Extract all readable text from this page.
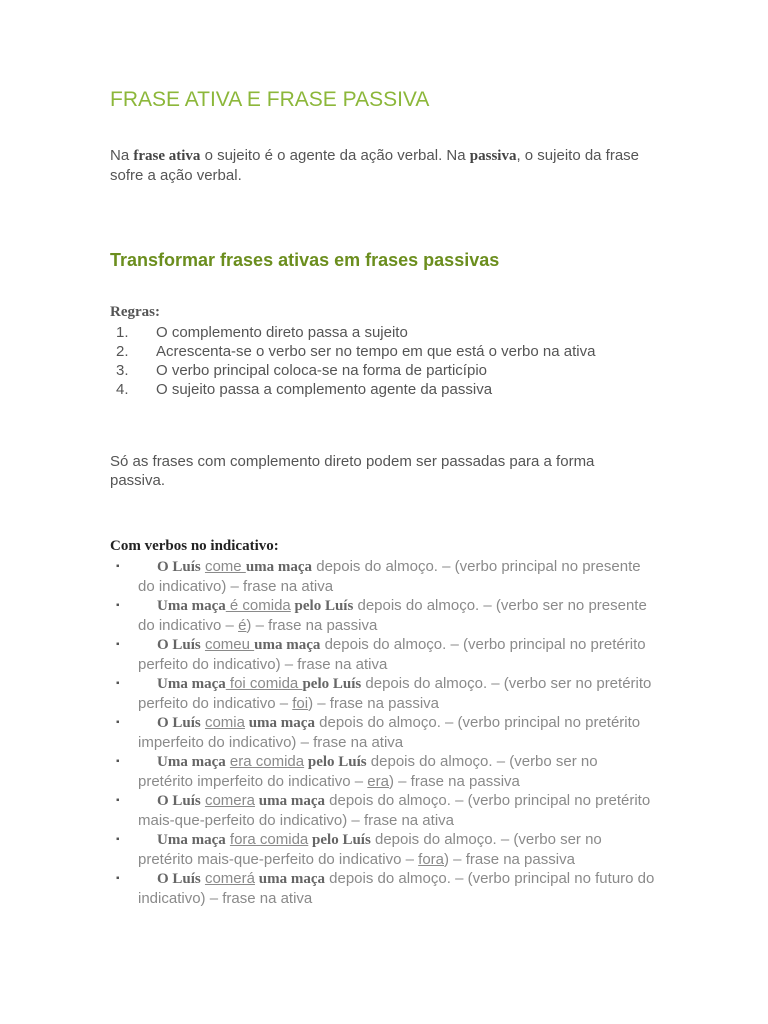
FRASE ATIVA E FRASE PASSIVA

Na frase ativa o sujeito é o agente da ação verbal. Na passiva, o sujeito da frase sofre a ação verbal.

Transformar frases ativas em frases passivas

Regras:

1. O complemento direto passa a sujeito
2. Acrescenta-se o verbo ser no tempo em que está o verbo na ativa
3. O verbo principal coloca-se na forma de particípio
4. O sujeito passa a complemento agente da passiva

Só as frases com complemento direto podem ser passadas para a forma passiva.

Com verbos no indicativo:

▪	O Luís come uma maça depois do almoço. – (verbo principal no presente do indicativo) – frase na ativa
▪	Uma maça é comida pelo Luís depois do almoço. – (verbo ser no presente do indicativo – é) – frase na passiva
▪	O Luís comeu uma maça depois do almoço. – (verbo principal no pretérito perfeito do indicativo) – frase na ativa
▪	Uma maça foi comida pelo Luís depois do almoço. – (verbo ser no pretérito perfeito do indicativo – foi) – frase na passiva
▪	O Luís comia uma maça depois do almoço. – (verbo principal no pretérito imperfeito do indicativo) – frase na ativa
▪	Uma maça era comida pelo Luís depois do almoço. – (verbo ser no pretérito imperfeito do indicativo – era) – frase na passiva
▪	O Luís comera uma maça depois do almoço. – (verbo principal no pretérito mais-que-perfeito do indicativo) – frase na ativa
▪	Uma maça fora comida pelo Luís depois do almoço. – (verbo ser no pretérito mais-que-perfeito do indicativo – fora) – frase na passiva
▪	O Luís comerá uma maça depois do almoço. – (verbo principal no futuro do indicativo) – frase na ativa
